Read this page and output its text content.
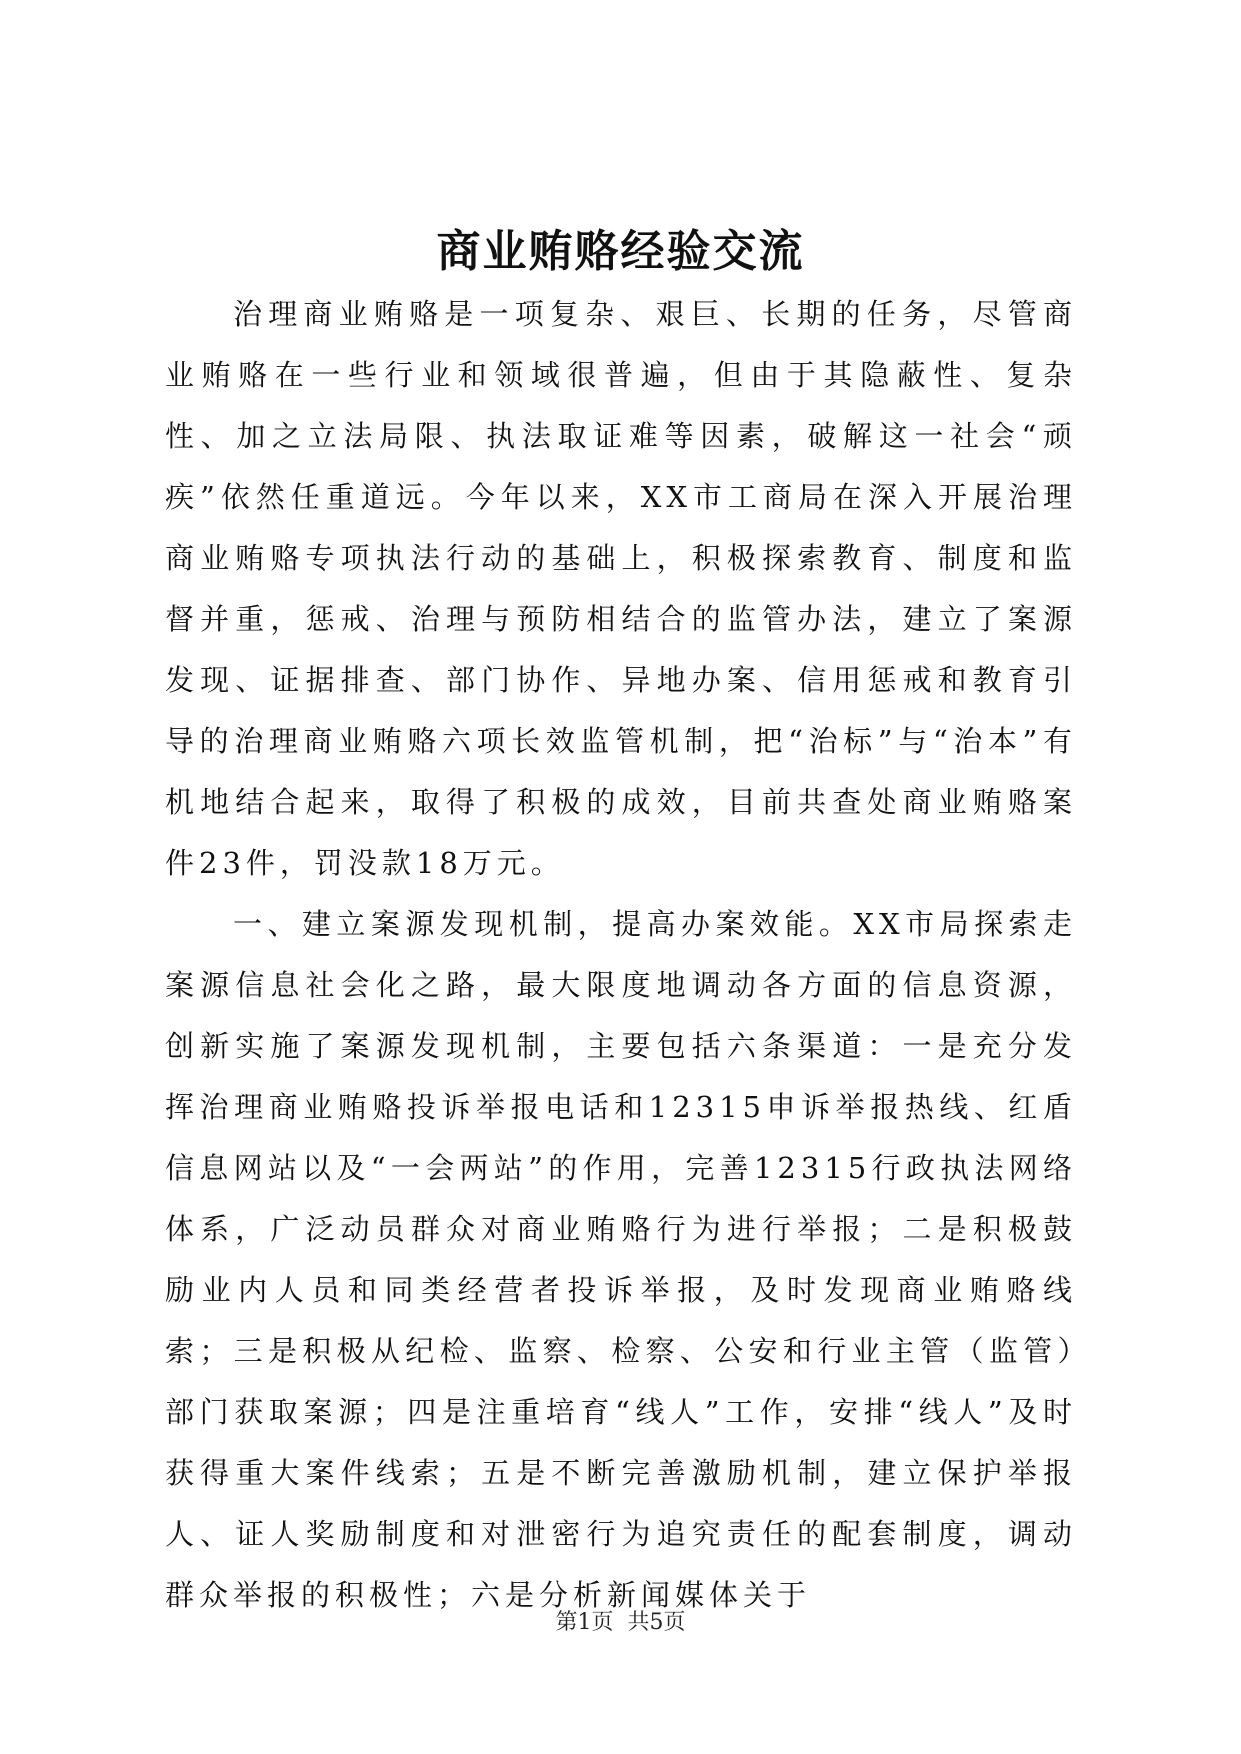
商业贿赂经验交流

治理商业贿赂是一项复杂、艰巨、长期的任务，尽管商业贿赂在一些行业和领域很普遍，但由于其隐蔽性、复杂性、加之立法局限、执法取证难等因素，破解这一社会“顽疾”依然任重道远。今年以来，XX市工商局在深入开展治理商业贿赂专项执法行动的基础上，积极探索教育、制度和监督并重，惩戒、治理与预防相结合的监管办法，建立了案源发现、证据排查、部门协作、异地办案、信用惩戒和教育引导的治理商业贿赂六项长效监管机制，把“治标”与“治本”有机地结合起来，取得了积极的成效，目前共查处商业贿赂案件23件，罚没款18万元。

一、建立案源发现机制，提高办案效能。XX市局探索走案源信息社会化之路，最大限度地调动各方面的信息资源，创新实施了案源发现机制，主要包括六条渠道：一是充分发挥治理商业贿赂投诉举报电话和12315申诉举报热线、红盾信息网站以及“一会两站”的作用，完善12315行政执法网络体系，广泛动员群众对商业贿赂行为进行举报；二是积极鼓励业内人员和同类经营者投诉举报，及时发现商业贿赂线索；三是积极从纪检、监察、检察、公安和行业主管（监管）部门获取案源；四是注重培育“线人”工作，安排“线人”及时获得重大案件线索；五是不断完善激励机制，建立保护举报人、证人奖励制度和对泄密行为追究责任的配套制度，调动群众举报的积极性；六是分析新闻媒体关于

第1页 共5页
